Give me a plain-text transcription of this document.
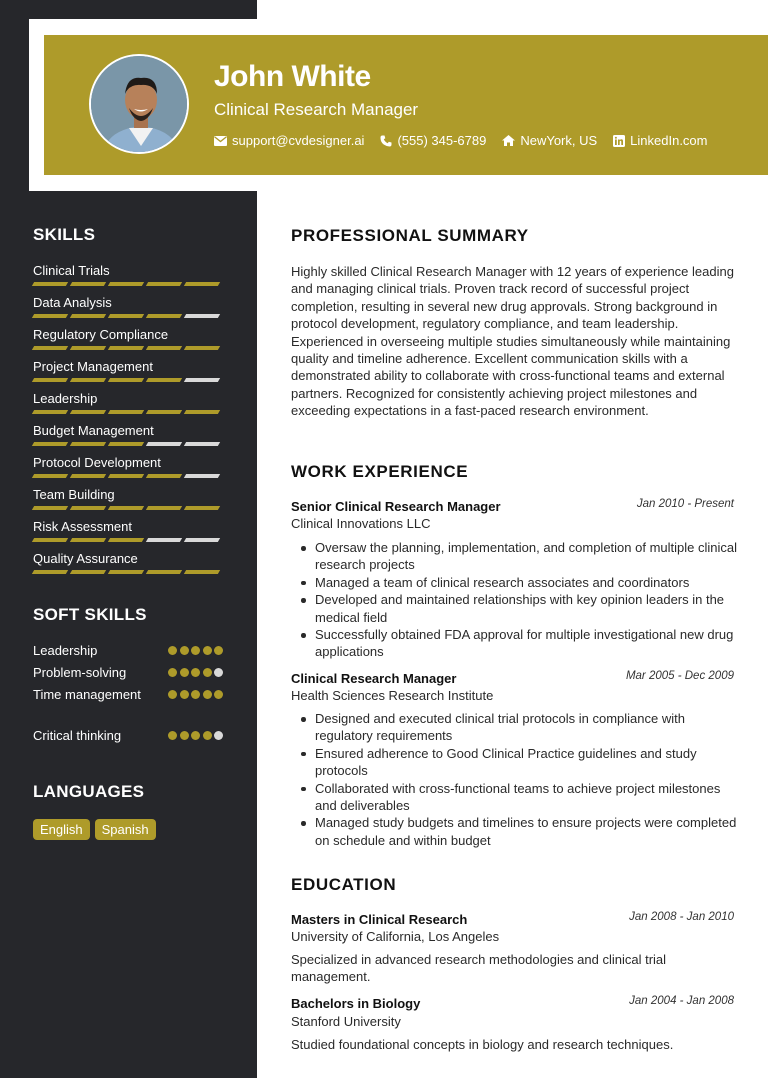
John White
Clinical Research Manager
support@cvdesigner.ai	(555) 345-6789	NewYork, US	LinkedIn.com
SKILLS
Clinical Trials
Data Analysis
Regulatory Compliance
Project Management
Leadership
Budget Management
Protocol Development
Team Building
Risk Assessment
Quality Assurance
SOFT SKILLS
Leadership
Problem-solving
Time management
Critical thinking
LANGUAGES
English	Spanish
PROFESSIONAL SUMMARY
Highly skilled Clinical Research Manager with 12 years of experience leading and managing clinical trials. Proven track record of successful project completion, resulting in several new drug approvals. Strong background in protocol development, regulatory compliance, and team leadership. Experienced in overseeing multiple studies simultaneously while maintaining quality and timeline adherence. Excellent communication skills with a demonstrated ability to collaborate with cross-functional teams and external partners. Recognized for consistently achieving project milestones and exceeding expectations in a fast-paced research environment.
WORK EXPERIENCE
Senior Clinical Research Manager	Jan 2010 - Present
Clinical Innovations LLC
Oversaw the planning, implementation, and completion of multiple clinical research projects
Managed a team of clinical research associates and coordinators
Developed and maintained relationships with key opinion leaders in the medical field
Successfully obtained FDA approval for multiple investigational new drug applications
Clinical Research Manager	Mar 2005 - Dec 2009
Health Sciences Research Institute
Designed and executed clinical trial protocols in compliance with regulatory requirements
Ensured adherence to Good Clinical Practice guidelines and study protocols
Collaborated with cross-functional teams to achieve project milestones and deliverables
Managed study budgets and timelines to ensure projects were completed on schedule and within budget
EDUCATION
Masters in Clinical Research	Jan 2008 - Jan 2010
University of California, Los Angeles
Specialized in advanced research methodologies and clinical trial management.
Bachelors in Biology	Jan 2004 - Jan 2008
Stanford University
Studied foundational concepts in biology and research techniques.
